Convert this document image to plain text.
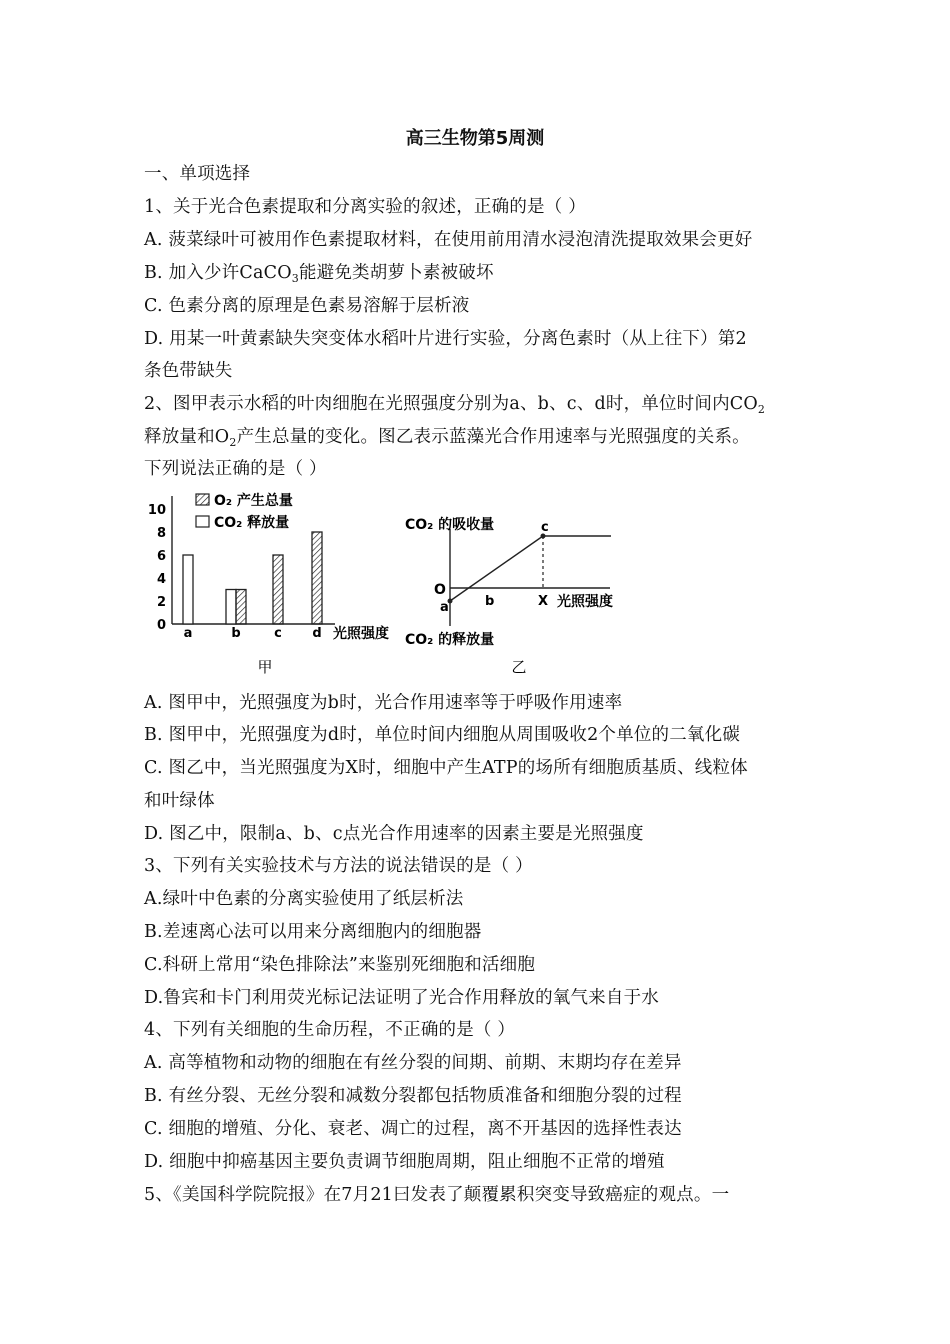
高三生物第5周测
一、单项选择
1、关于光合色素提取和分离实验的叙述，正确的是（ ）
A. 菠菜绿叶可被用作色素提取材料，在使用前用清水浸泡清洗提取效果会更好
B. 加入少许CaCO$_3$能避免类胡萝卜素被破坏
C. 色素分离的原理是色素易溶解于层析液
D. 用某一叶黄素缺失突变体水稻叶片进行实验，分离色素时（从上往下）第2
条色带缺失
2、图甲表示水稻的叶肉细胞在光照强度分别为a、b、c、d时，单位时间内$CO_2$
释放量和$O_2$产生总量的变化。图乙表示蓝藻光合作用速率与光照强度的关系。
下列说法正确的是（ ）
0
2
4
6
8
10
a	b	c d
O₂ 产生总量
CO₂ 释放量
光照强度
甲
a	b
c
X
O
CO₂ 的吸收量
CO₂ 的释放量
光照强度
乙
A. 图甲中，光照强度为b时，光合作用速率等于呼吸作用速率
B. 图甲中，光照强度为d时，单位时间内细胞从周围吸收2个单位的二氧化碳
C. 图乙中，当光照强度为X时，细胞中产生ATP的场所有细胞质基质、线粒体
和叶绿体
D. 图乙中，限制a、b、c点光合作用速率的因素主要是光照强度
3、下列有关实验技术与方法的说法错误的是（ ）
A.绿叶中色素的分离实验使用了纸层析法
B.差速离心法可以用来分离细胞内的细胞器
C.科研上常用“染色排除法”来鉴别死细胞和活细胞
D.鲁宾和卡门利用荧光标记法证明了光合作用释放的氧气来自于水
4、下列有关细胞的生命历程，不正确的是（ ）
A. 高等植物和动物的细胞在有丝分裂的间期、前期、末期均存在差异
B. 有丝分裂、无丝分裂和减数分裂都包括物质准备和细胞分裂的过程
C. 细胞的增殖、分化、衰老、凋亡的过程，离不开基因的选择性表达
D. 细胞中抑癌基因主要负责调节细胞周期，阻止细胞不正常的增殖
5、《美国科学院院报》在7月21曰发表了颠覆累积突变导致癌症的观点。一
